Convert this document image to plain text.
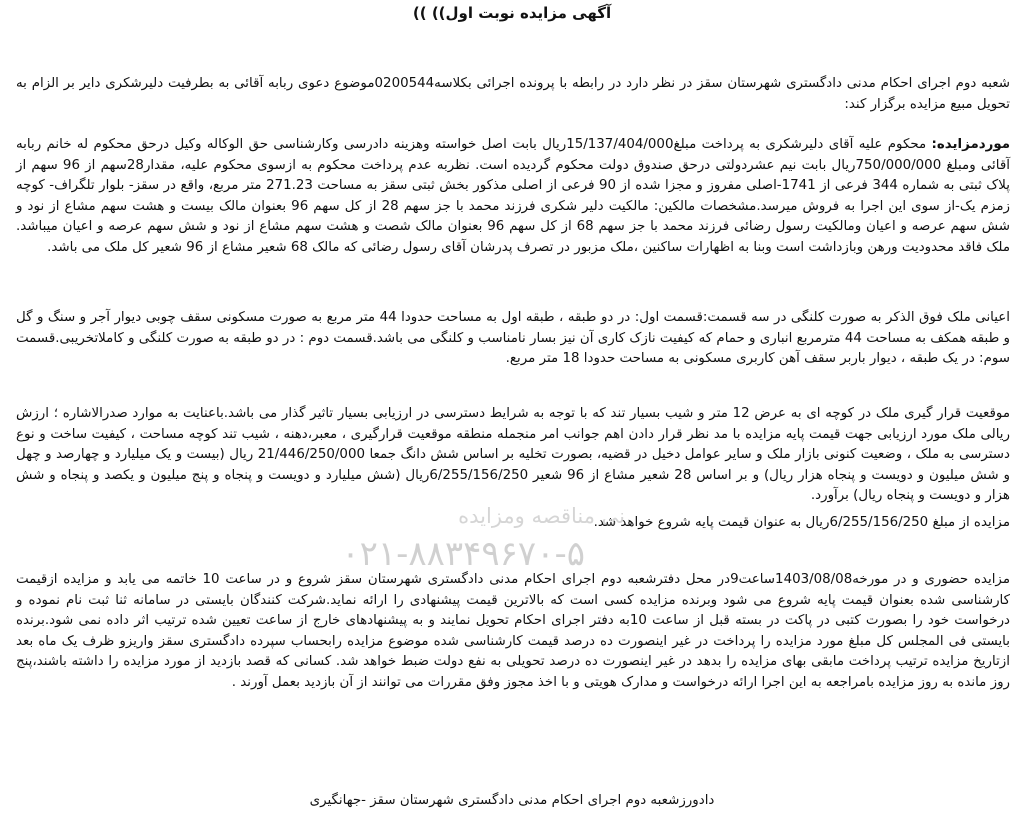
آگهی مزایده نوبت اول)) ))
شعبه دوم اجرای احکام مدنی دادگستری شهرستان سقز در نظر دارد در رابطه با پرونده اجرائی بکلاسه0200544موضوع دعوی ربابه آقائی به بطرفیت دلیرشکری دایر بر الزام به تحویل مبیع مزایده برگزار کند:
موردمزایده: محکوم علیه آقای دلیرشکری به پرداخت مبلغ15/137/404/000ریال بابت اصل خواسته وهزینه دادرسی وکارشناسی حق الوکاله وکیل درحق محکوم له خانم ربابه آقائی ومبلغ 750/000/000ریال بابت نیم عشردولتی درحق صندوق دولت محکوم گردیده است. نظربه عدم پرداخت محکوم به ازسوی محکوم علیه، مقدار28سهم از 96 سهم از پلاک ثبتی به شماره 344 فرعی از 1741-اصلی مفروز و مجزا شده از 90 فرعی از اصلی مذکور بخش ثبتی سقز به مساحت 271.23 متر مربع، واقع در سقز- بلوار تلگراف- کوچه زمزم یک-از سوی این اجرا به فروش میرسد.مشخصات مالکین: مالکیت دلیر شکری فرزند محمد با جز سهم 28 از کل سهم 96 بعنوان مالک بیست و هشت سهم مشاع از نود و شش سهم عرصه و اعیان ومالکیت رسول رضائی فرزند محمد با جز سهم 68 از کل سهم 96 بعنوان مالک شصت و هشت سهم مشاع از نود و شش سهم عرصه و اعیان میباشد. ملک فاقد محدودیت ورهن وبازداشت است وبنا به اظهارات ساکنین ،ملک مزبور در تصرف پدرشان آقای رسول رضائی که مالک 68 شعیر مشاع از 96 شعیر کل ملک می باشد.
اعیانی ملک فوق الذکر به صورت کلنگی در سه قسمت:قسمت اول: در دو طبقه ، طبقه اول به مساحت حدودا 44 متر مربع به صورت مسکونی سقف چوبی دیوار آجر و سنگ و گل و طبقه همکف به مساحت 44 مترمربع انباری و حمام که کیفیت نازک کاری آن نیز بسار نامناسب و کلنگی می باشد.قسمت دوم : در دو طبقه به صورت کلنگی و کاملاتخریبی.قسمت سوم: در یک طبقه ، دیوار باربر سقف آهن کاربری مسکونی به مساحت حدودا 18 متر مربع.
موقعیت قرار گیری ملک در کوچه ای به عرض 12 متر و شیب بسیار تند که با توجه به شرایط دسترسی در ارزیابی بسیار تاثیر گذار می باشد.باعنایت به موارد صدرالاشاره ؛ ارزش ریالی ملک مورد ارزیابی جهت قیمت پایه مزایده با مد نظر قرار دادن اهم جوانب امر منجمله منطقه موقعیت قرارگیری ، معبر،دهنه ، شیب تند کوچه مساحت ، کیفیت ساخت و نوع دسترسی به ملک ، وضعیت کنونی بازار ملک و سایر عوامل دخیل در قضیه، بصورت تخلیه بر اساس شش دانگ جمعا 21/446/250/000 ریال (بیست و یک میلیارد و چهارصد و چهل و شش میلیون و دویست و پنجاه هزار ریال) و بر اساس 28 شعیر مشاع از 96 شعیر 6/255/156/250ریال (شش میلیارد و دویست و پنجاه و پنج میلیون و یکصد و پنجاه و شش هزار و دویست و پنجاه ریال) برآورد.
مزایده از مبلغ 6/255/156/250ریال به عنوان قیمت پایه شروع خواهد شد.
مزایده حضوری و در مورخه1403/08/08ساعت9در محل دفترشعبه دوم اجرای احکام مدنی دادگستری شهرستان سقز شروع و در ساعت 10 خاتمه می یابد و مزایده ازقیمت کارشناسی شده بعنوان قیمت پایه شروع می شود وبرنده مزایده کسی است که بالاترین قیمت پیشنهادی را ارائه نماید.شرکت کنندگان بایستی در سامانه ثنا ثبت نام نموده و درخواست خود را بصورت کتبی در پاکت در بسته قبل از ساعت 10به دفتر اجرای احکام تحویل نمایند و به پیشنهادهای خارج از ساعت تعیین شده ترتیب اثر داده نمی شود.برنده بایستی فی المجلس کل مبلغ مورد مزایده را پرداخت در غیر اینصورت ده درصد قیمت کارشناسی شده موضوع مزایده رابحساب سپرده دادگستری سقز واریزو ظرف یک ماه بعد ازتاریخ مزایده ترتیب پرداخت مابقی بهای مزایده را بدهد در غیر اینصورت ده درصد تحویلی به نفع دولت ضبط خواهد شد. کسانی که قصد بازدید از مورد مزایده را داشته باشند،پنج روز مانده به روز مزایده بامراجعه به این اجرا ارائه درخواست و مدارک هویتی و با اخذ مجوز وفق مقررات می توانند از آن بازدید بعمل آورند .
دادورزشعبه دوم اجرای احکام مدنی دادگستری شهرستان سقز -جهانگیری
نی مناقصه ومزایده
۰۲۱-۸۸۳۴۹۶۷۰-۵
